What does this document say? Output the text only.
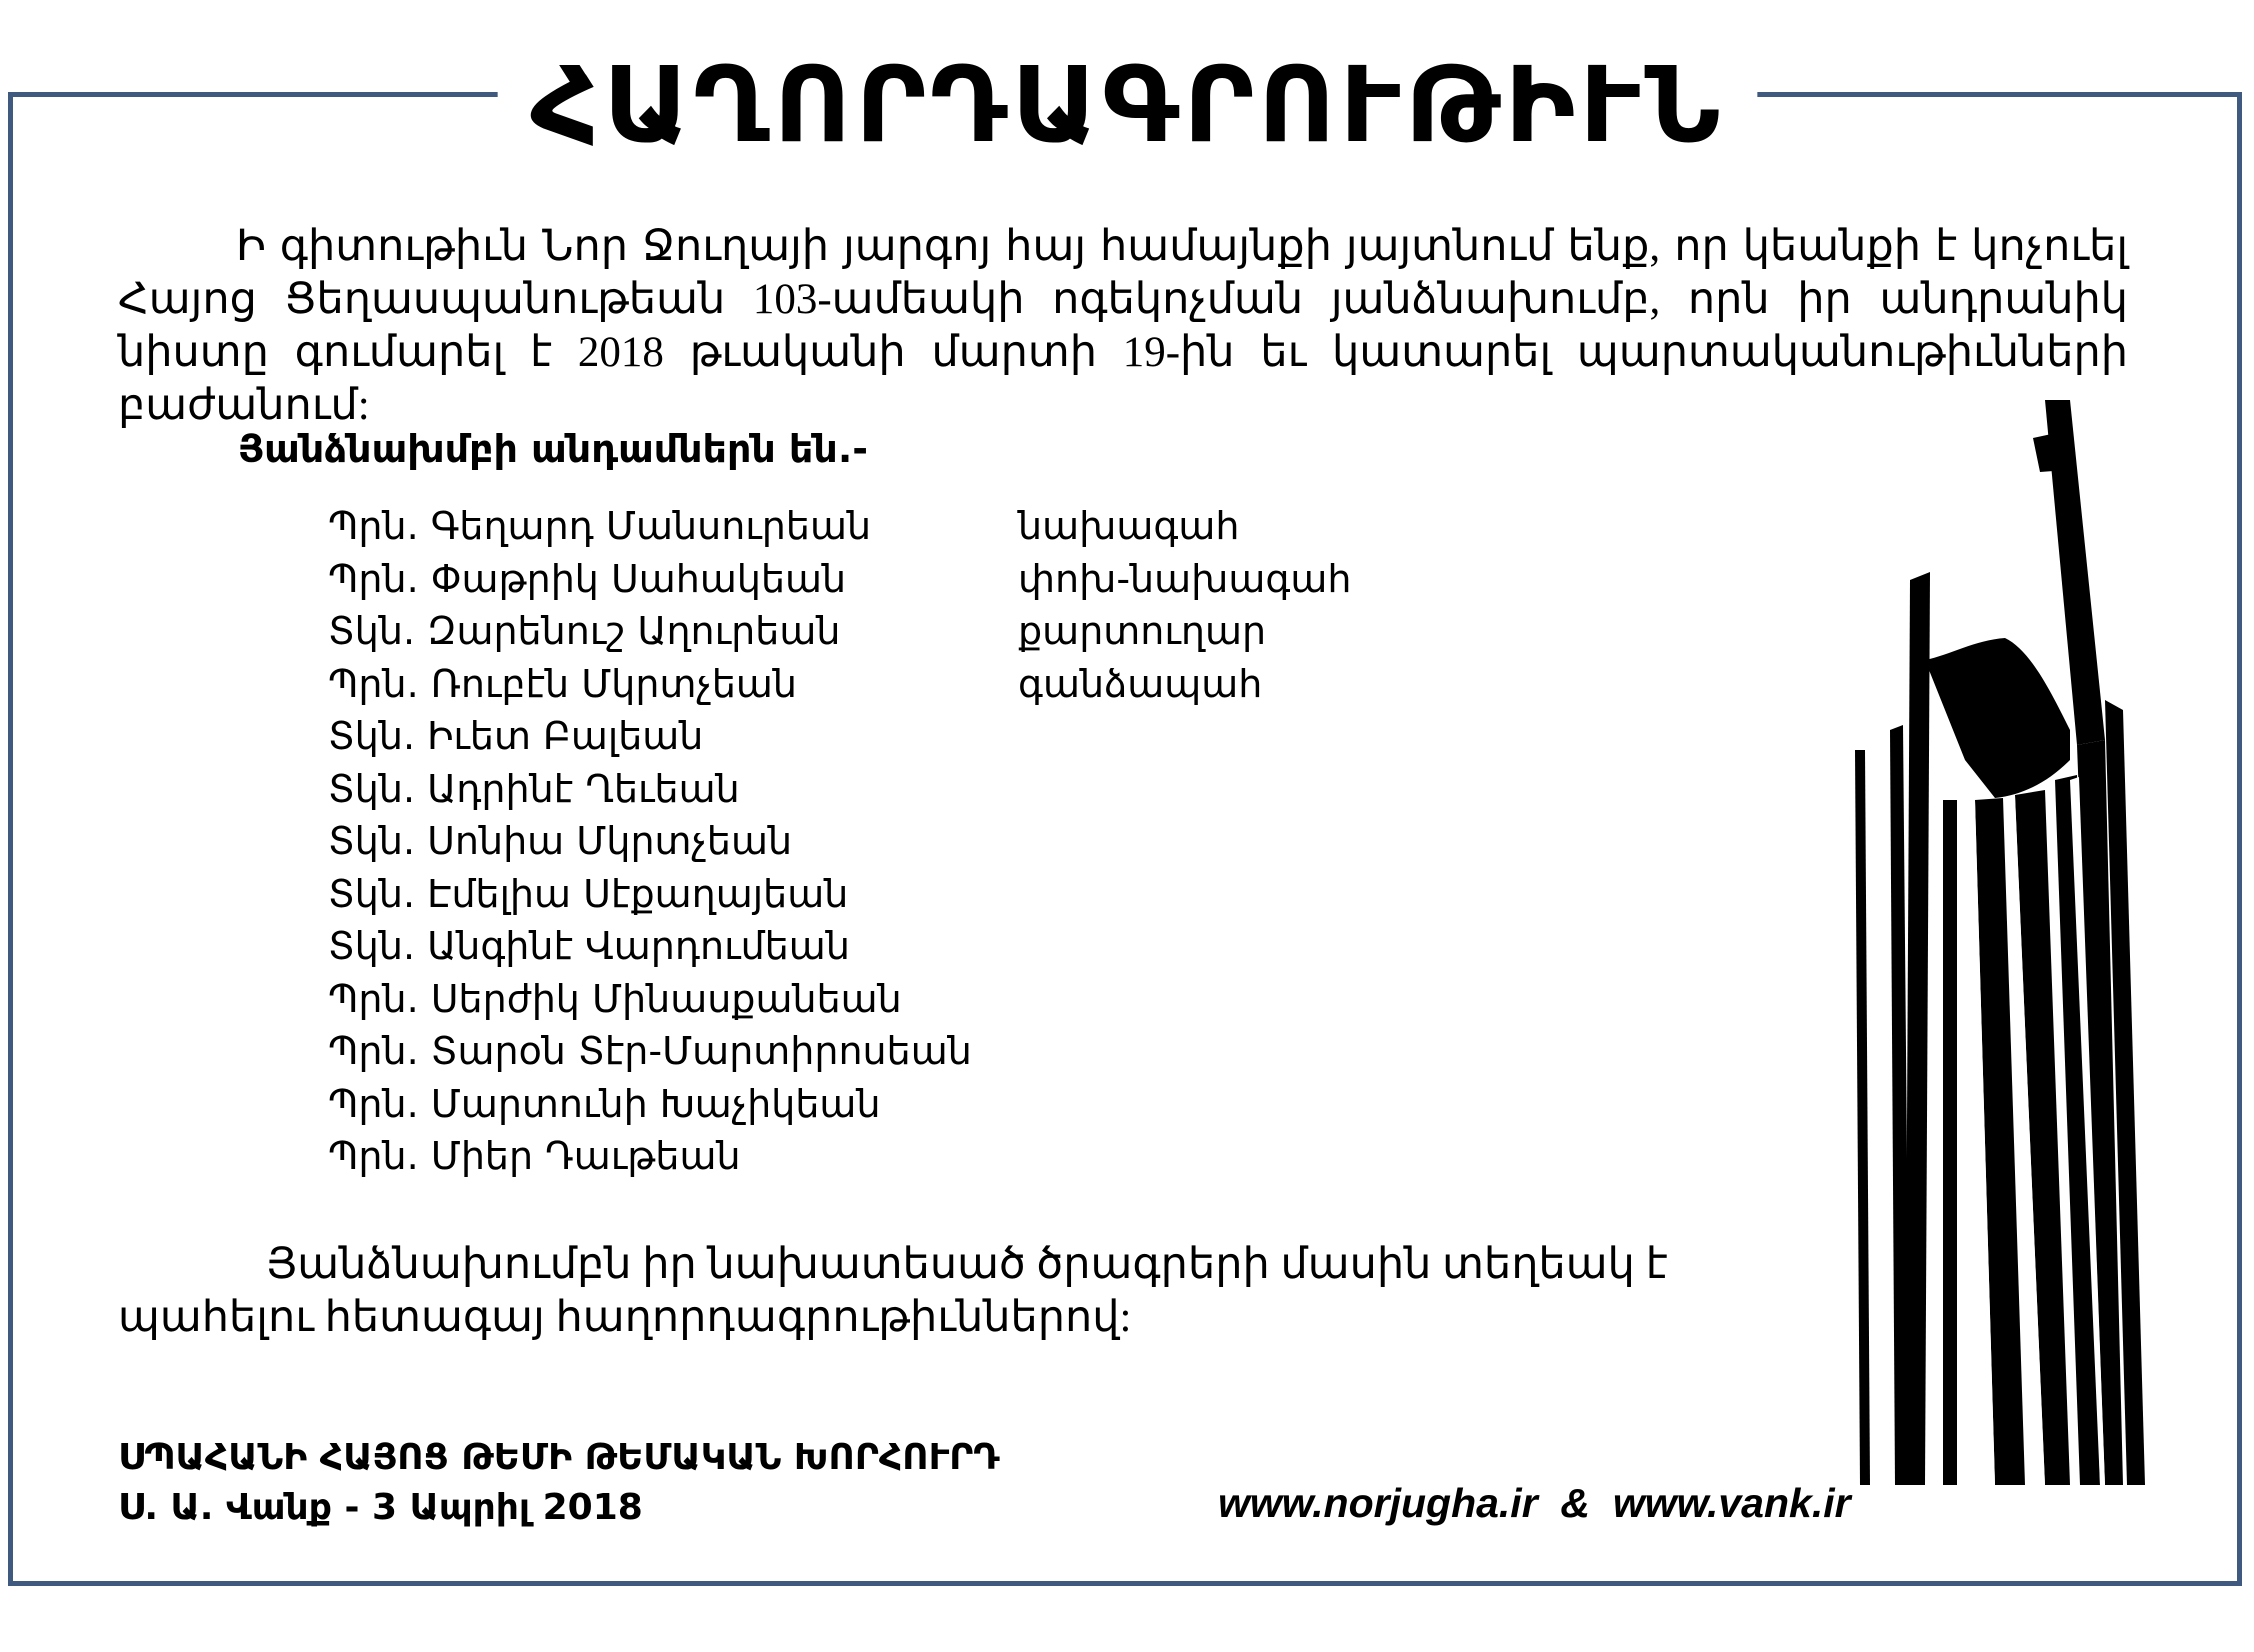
ՀԱՂՈՐԴԱԳՐՈՒԹԻՒՆ
Ի գիտութիւն Նոր Ջուղայի յարգոյ հայ համայնքի յայտնում ենք, որ կեանքի է կոչուել Հայոց Ցեղասպանութեան 103-ամեակի ոգեկոչման յանձնախումբ, որն իր անդրանիկ նիստը գումարել է 2018 թւականի մարտի 19-ին եւ կատարել պարտականութիւնների բաժանում:
Յանձնախմբի անդամներն են.-
Պրն. Գեղարդ Մանսուրեան	նախագահ
Պրն. Փաթրիկ Սահակեան	փոխ-նախագահ
Տկն. Զարենուշ Աղուրեան	քարտուղար
Պրն. Ռուբէն Մկրտչեան	գանձապահ
Տկն. Իւետ Բալեան
Տկն. Ադրինէ Ղեւեան
Տկն. Սոնիա Մկրտչեան
Տկն. Էմելիա Սէքաղայեան
Տկն. Անգինէ Վարդումեան
Պրն. Սերժիկ Մինասքանեան
Պրն. Տարօն Տէր-Մարտիրոսեան
Պրն. Մարտունի Խաչիկեան
Պրն. Միեր Դաւթեան
Յանձնախումբն իր նախատեսած ծրագրերի մասին տեղեակ է պահելու հետագայ հաղորդագրութիւններով:
ՍՊԱՀԱՆԻ ՀԱՅՈՑ ԹԵՄԻ ԹԵՄԱԿԱՆ ԽՈՐՀՈՒՐԴ
Ս. Ա. Վանք - 3 Ապրիլ 2018	www.norjugha.ir  &  www.vank.ir
